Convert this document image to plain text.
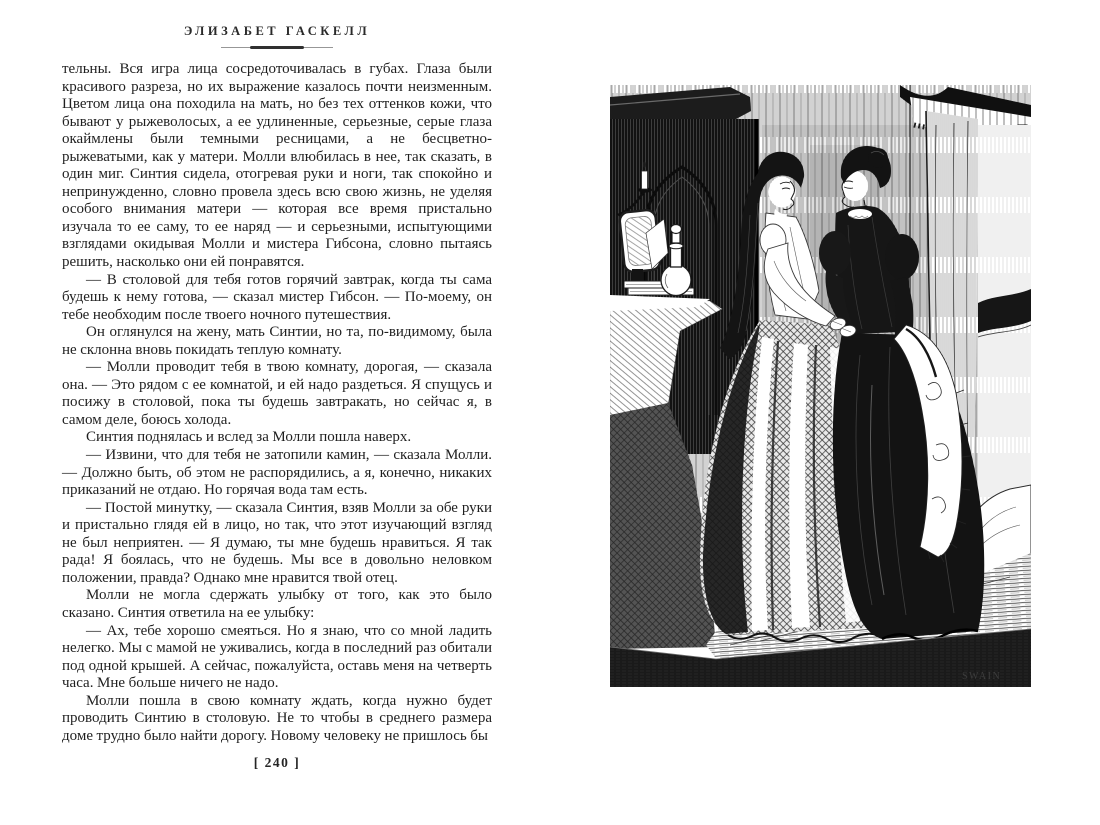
ЭЛИЗАБЕТ ГАСКЕЛЛ

тельны. Вся игра лица сосредоточивалась в губах. Глаза были красивого разреза, но их выражение казалось почти неизменным. Цветом лица она походила на мать, но без тех оттенков кожи, что бывают у рыжеволосых, а ее удлиненные, серьезные, серые глаза окаймлены были темными ресницами, а не бесцветно-рыжеватыми, как у матери. Молли влюбилась в нее, так сказать, в один миг. Синтия сидела, отогревая руки и ноги, так спокойно и непринужденно, словно провела здесь всю свою жизнь, не уделяя особого внимания матери — которая все время пристально изучала то ее саму, то ее наряд — и серьезными, испытующими взглядами окидывая Молли и мистера Гибсона, словно пытаясь решить, насколько они ей понравятся.

— В столовой для тебя готов горячий завтрак, когда ты сама будешь к нему готова, — сказал мистер Гибсон. — По-моему, он тебе необходим после твоего ночного путешествия.

Он оглянулся на жену, мать Синтии, но та, по-видимому, была не склонна вновь покидать теплую комнату.

— Молли проводит тебя в твою комнату, дорогая, — сказала она. — Это рядом с ее комнатой, и ей надо раздеться. Я спущусь и посижу в столовой, пока ты будешь завтракать, но сейчас я, в самом деле, боюсь холода.

Синтия поднялась и вслед за Молли пошла наверх.

— Извини, что для тебя не затопили камин, — сказала Молли. — Должно быть, об этом не распорядились, а я, конечно, никаких приказаний не отдаю. Но горячая вода там есть.

— Постой минутку, — сказала Синтия, взяв Молли за обе руки и пристально глядя ей в лицо, но так, что этот изучающий взгляд не был неприятен. — Я думаю, ты мне будешь нравиться. Я так рада! Я боялась, что не будешь. Мы все в довольно неловком положении, правда? Однако мне нравится твой отец.

Молли не могла сдержать улыбку от того, как это было сказано. Синтия ответила на ее улыбку:

— Ах, тебе хорошо смеяться. Но я знаю, что со мной ладить нелегко. Мы с мамой не уживались, когда в последний раз обитали под одной крышей. А сейчас, пожалуйста, оставь меня на четверть часа. Мне больше ничего не надо.

Молли пошла в свою комнату ждать, когда нужно будет проводить Синтию в столовую. Не то чтобы в среднего размера доме трудно было найти дорогу. Новому человеку не пришлось бы

[ 240 ]
SWAIN
